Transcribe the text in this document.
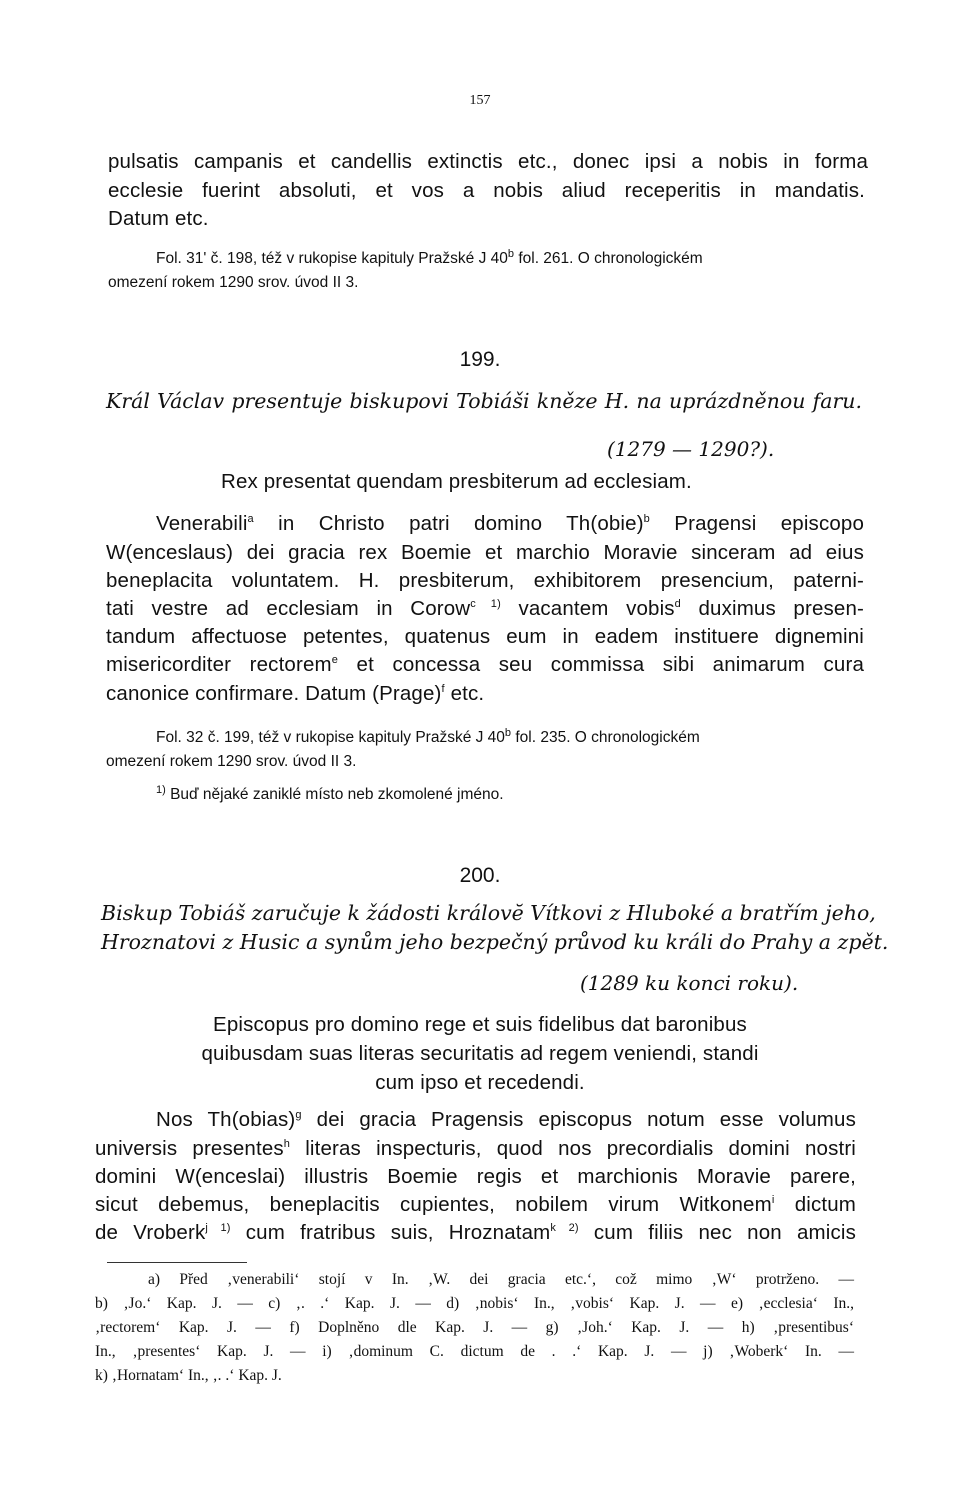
157
pulsatis campanis et candellis extinctis etc., donec ipsi a nobis in forma
ecclesie fuerint absoluti, et vos a nobis aliud receperitis in mandatis.
Datum etc.
Fol. 31' č. 198, též v rukopise kapituly Pražské J 40$^b$ fol. 261. O chronologickém
omezení rokem 1290 srov. úvod II 3.
199.
Král Václav presentuje biskupovi Tobiáši kněze H. na uprázdněnou faru.
(1279 — 1290?).
Rex presentat quendam presbiterum ad ecclesiam.
Venerabili$^a$ in Christo patri domino Th(obie)$^b$ Pragensi episcopo
W(enceslaus) dei gracia rex Boemie et marchio Moravie sinceram ad eius
beneplacita voluntatem. H. presbiterum, exhibitorem presencium, paterni-
tati vestre ad ecclesiam in Corow$^{c 1)}$ vacantem vobis$^d$ duximus presen-
tandum affectuose petentes, quatenus eum in eadem instituere dignemini
misericorditer rectorem$^e$ et concessa seu commissa sibi animarum cura
canonice confirmare. Datum (Prage)$^f$ etc.
Fol. 32 č. 199, též v rukopise kapituly Pražské J 40$^b$ fol. 235. O chronologickém
omezení rokem 1290 srov. úvod II 3.
$^{1)}$ Buď nějaké zaniklé místo neb zkomolené jméno.
200.
Biskup Tobiáš zaručuje k žádosti královĕ Vítkovi z Hluboké a bratřím jeho,
Hroznatovi z Husic a synům jeho bezpečný průvod ku králi do Prahy a zpět.
(1289 ku konci roku).
Episcopus pro domino rege et suis fidelibus dat baronibus
quibusdam suas literas securitatis ad regem veniendi, standi
cum ipso et recedendi.
Nos Th(obias)$^g$ dei gracia Pragensis episcopus notum esse volumus
universis presentes$^h$ literas inspecturis, quod nos precordialis domini nostri
domini W(enceslai) illustris Boemie regis et marchionis Moravie parere,
sicut debemus, beneplacitis cupientes, nobilem virum Witkonem$^i$ dictum
de Vroberk$^{j 1)}$ cum fratribus suis, Hroznatam$^{k 2)}$ cum filiis nec non amicis
a) Před ‚venerabili‘ stojí v In. ‚W. dei gracia etc.‘, což mimo ‚W‘ protrženo. —
b) ‚Jo.‘ Kap. J. — c) ‚. .‘ Kap. J. — d) ‚nobis‘ In., ‚vobis‘ Kap. J. — e) ‚ecclesia‘ In.,
‚rectorem‘ Kap. J. — f) Doplněno dle Kap. J. — g) ‚Joh.‘ Kap. J. — h) ‚presentibus‘
In., ‚presentes‘ Kap. J. — i) ‚dominum C. dictum de . .‘ Kap. J. — j) ‚Woberk‘ In. —
k) ‚Hornatam‘ In., ‚. .‘ Kap. J.
